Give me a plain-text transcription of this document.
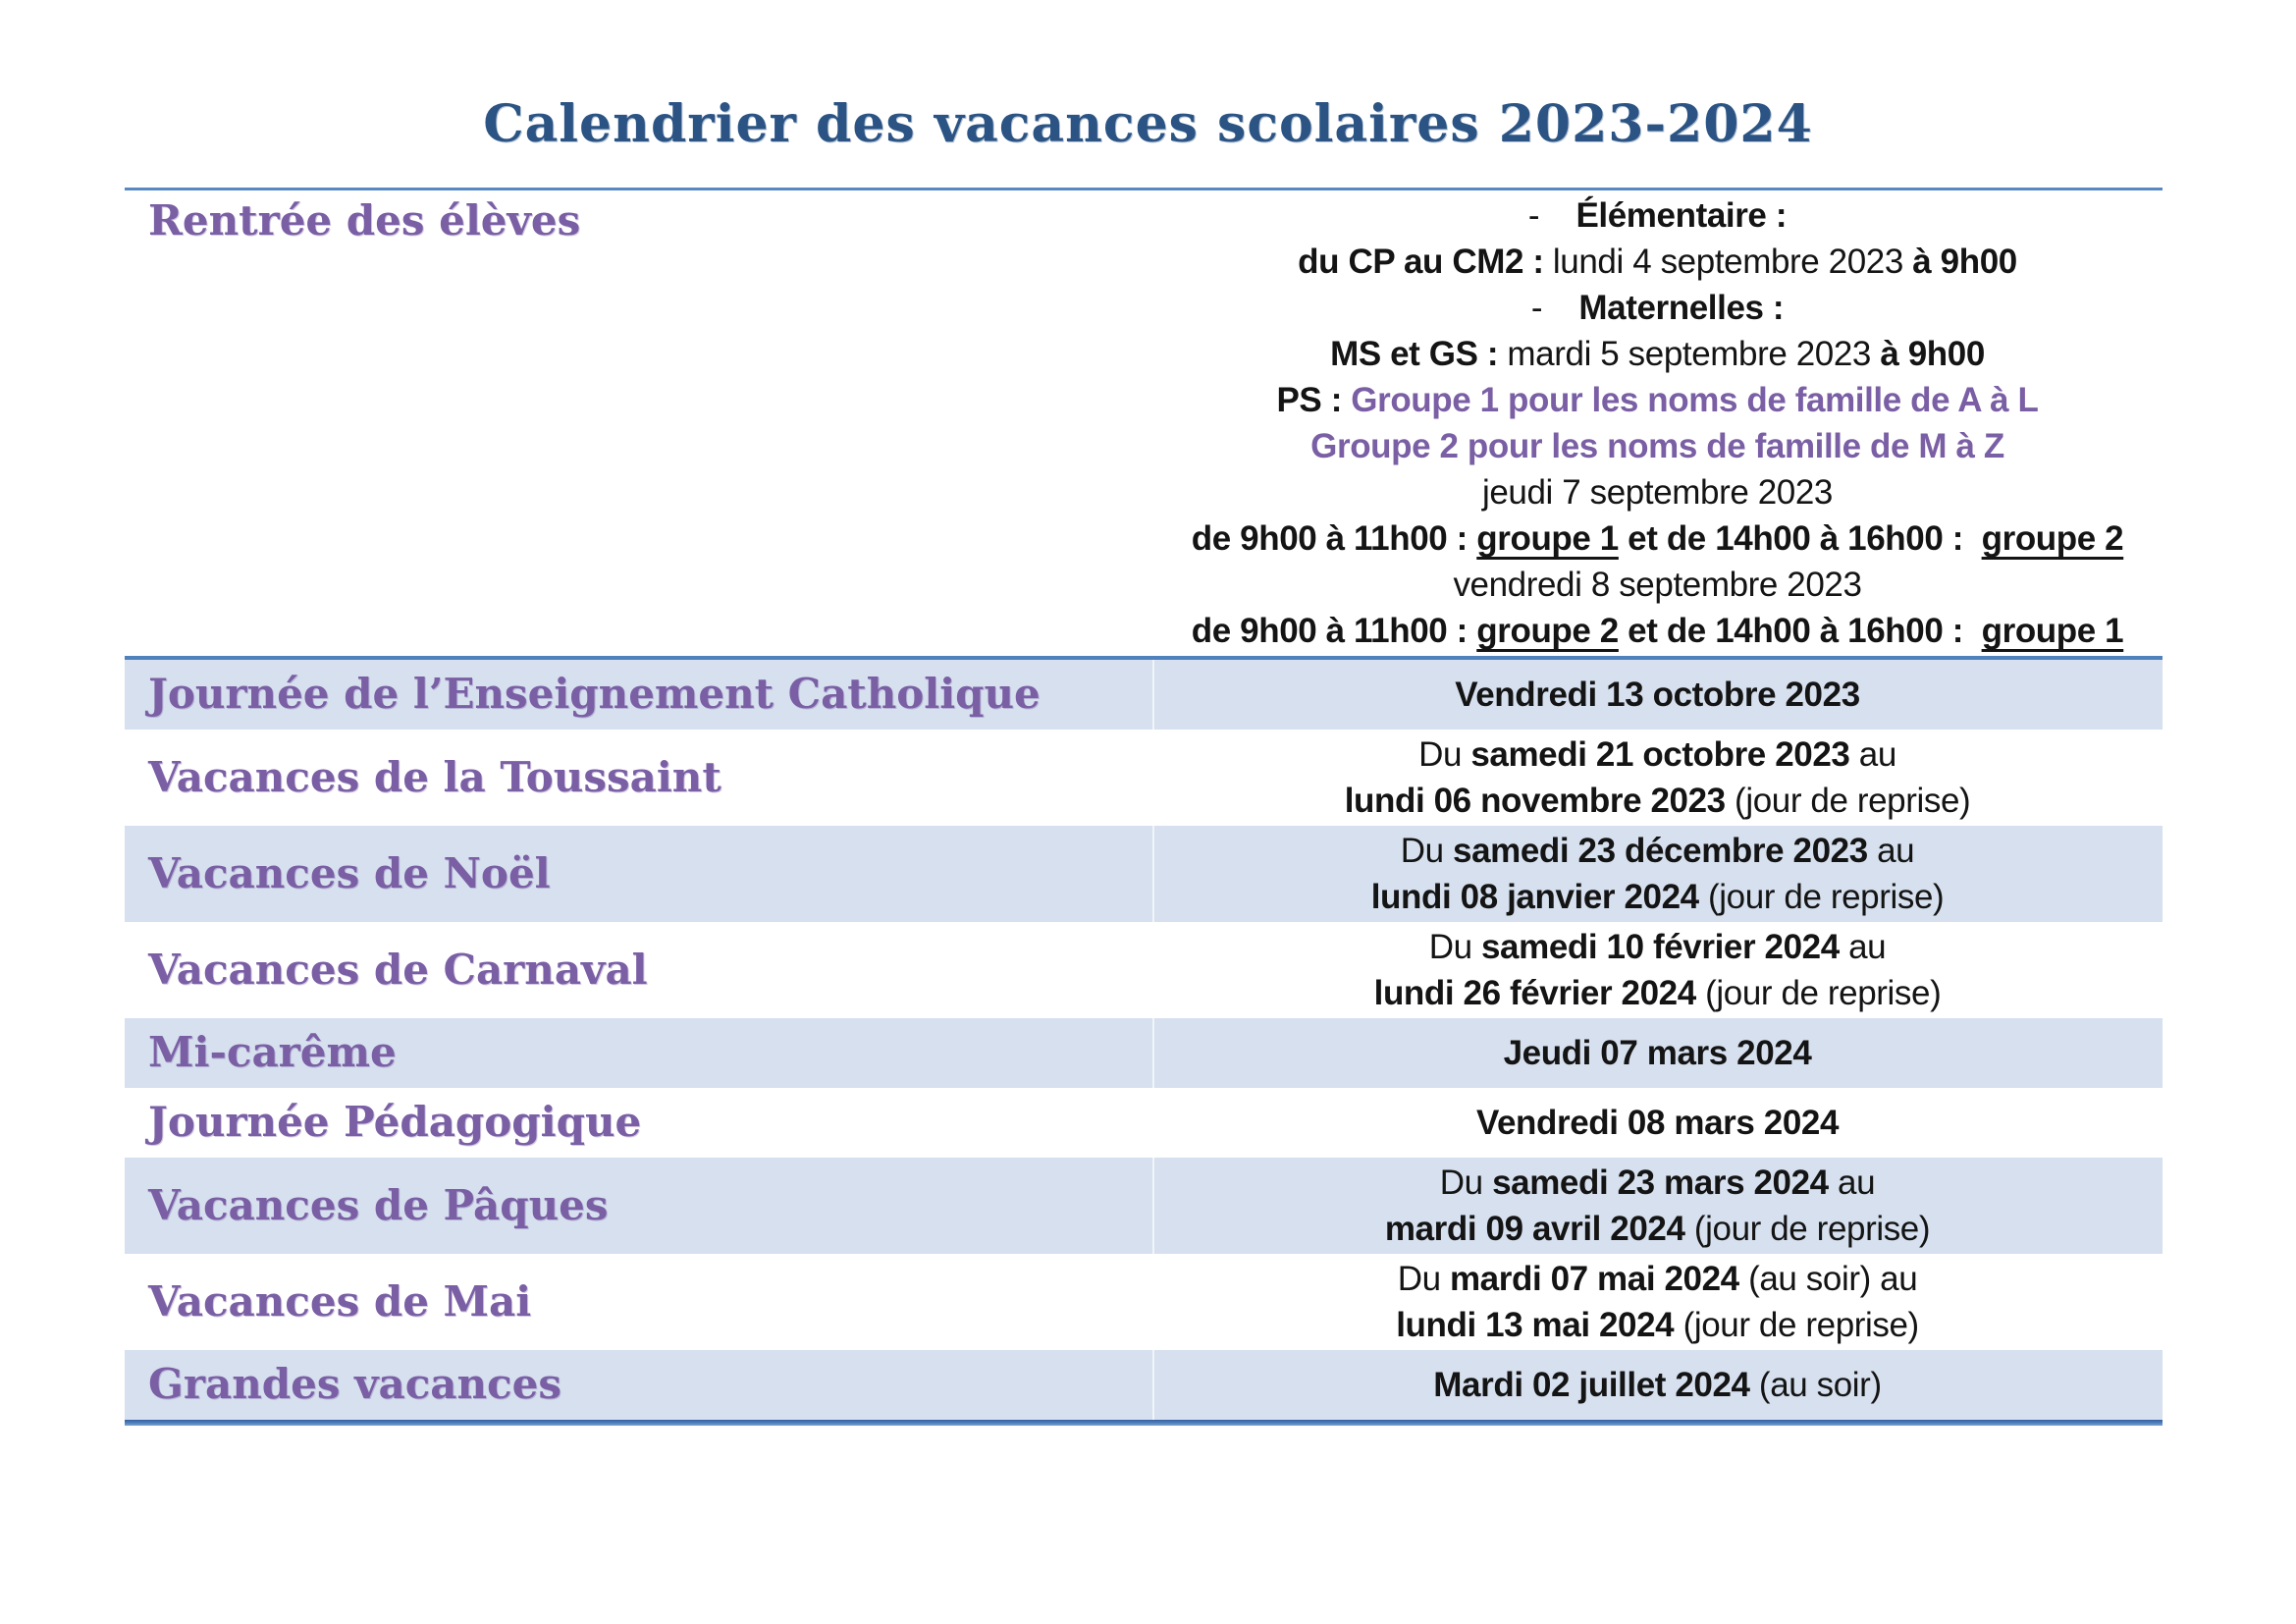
Calendrier des vacances scolaires 2023-2024
Rentrée des élèves	-    Élémentaire :
du CP au CM2 : lundi 4 septembre 2023 à 9h00
-    Maternelles :
MS et GS : mardi 5 septembre 2023 à 9h00
PS : Groupe 1 pour les noms de famille de A à L
Groupe 2 pour les noms de famille de M à Z
jeudi 7 septembre 2023
de 9h00 à 11h00 : groupe 1 et de 14h00 à 16h00 :  groupe 2
vendredi 8 septembre 2023
de 9h00 à 11h00 : groupe 2 et de 14h00 à 16h00 :  groupe 1
Journée de l’Enseignement Catholique	Vendredi 13 octobre 2023
Vacances de la Toussaint	Du samedi 21 octobre 2023 au
lundi 06 novembre 2023 (jour de reprise)
Vacances de Noël	Du samedi 23 décembre 2023 au
lundi 08 janvier 2024 (jour de reprise)
Vacances de Carnaval	Du samedi 10 février 2024 au
lundi 26 février 2024 (jour de reprise)
Mi-carême	Jeudi 07 mars 2024
Journée Pédagogique	Vendredi 08 mars 2024
Vacances de Pâques	Du samedi 23 mars 2024 au
mardi 09 avril 2024 (jour de reprise)
Vacances de Mai	Du mardi 07 mai 2024 (au soir) au
lundi 13 mai 2024 (jour de reprise)
Grandes vacances	Mardi 02 juillet 2024 (au soir)
